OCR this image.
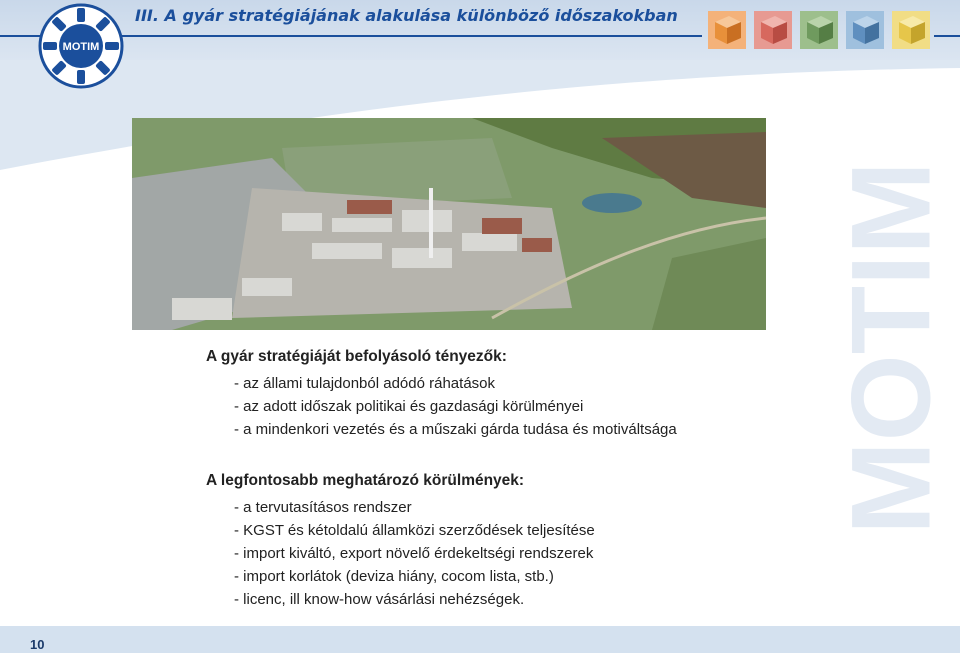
MOTIM
III. A gyár stratégiájának alakulása különböző időszakokban
MOTIM
A gyár stratégiáját befolyásoló tényezők:
- az állami tulajdonból adódó ráhatások
- az adott időszak politikai és gazdasági körülményei
- a mindenkori vezetés és a műszaki gárda tudása és motiváltsága
A legfontosabb meghatározó körülmények:
- a tervutasításos rendszer
- KGST és kétoldalú államközi szerződések teljesítése
- import kiváltó, export növelő érdekeltségi rendszerek
- import korlátok (deviza hiány, cocom lista, stb.)
- licenc, ill know-how vásárlási nehézségek.
10
